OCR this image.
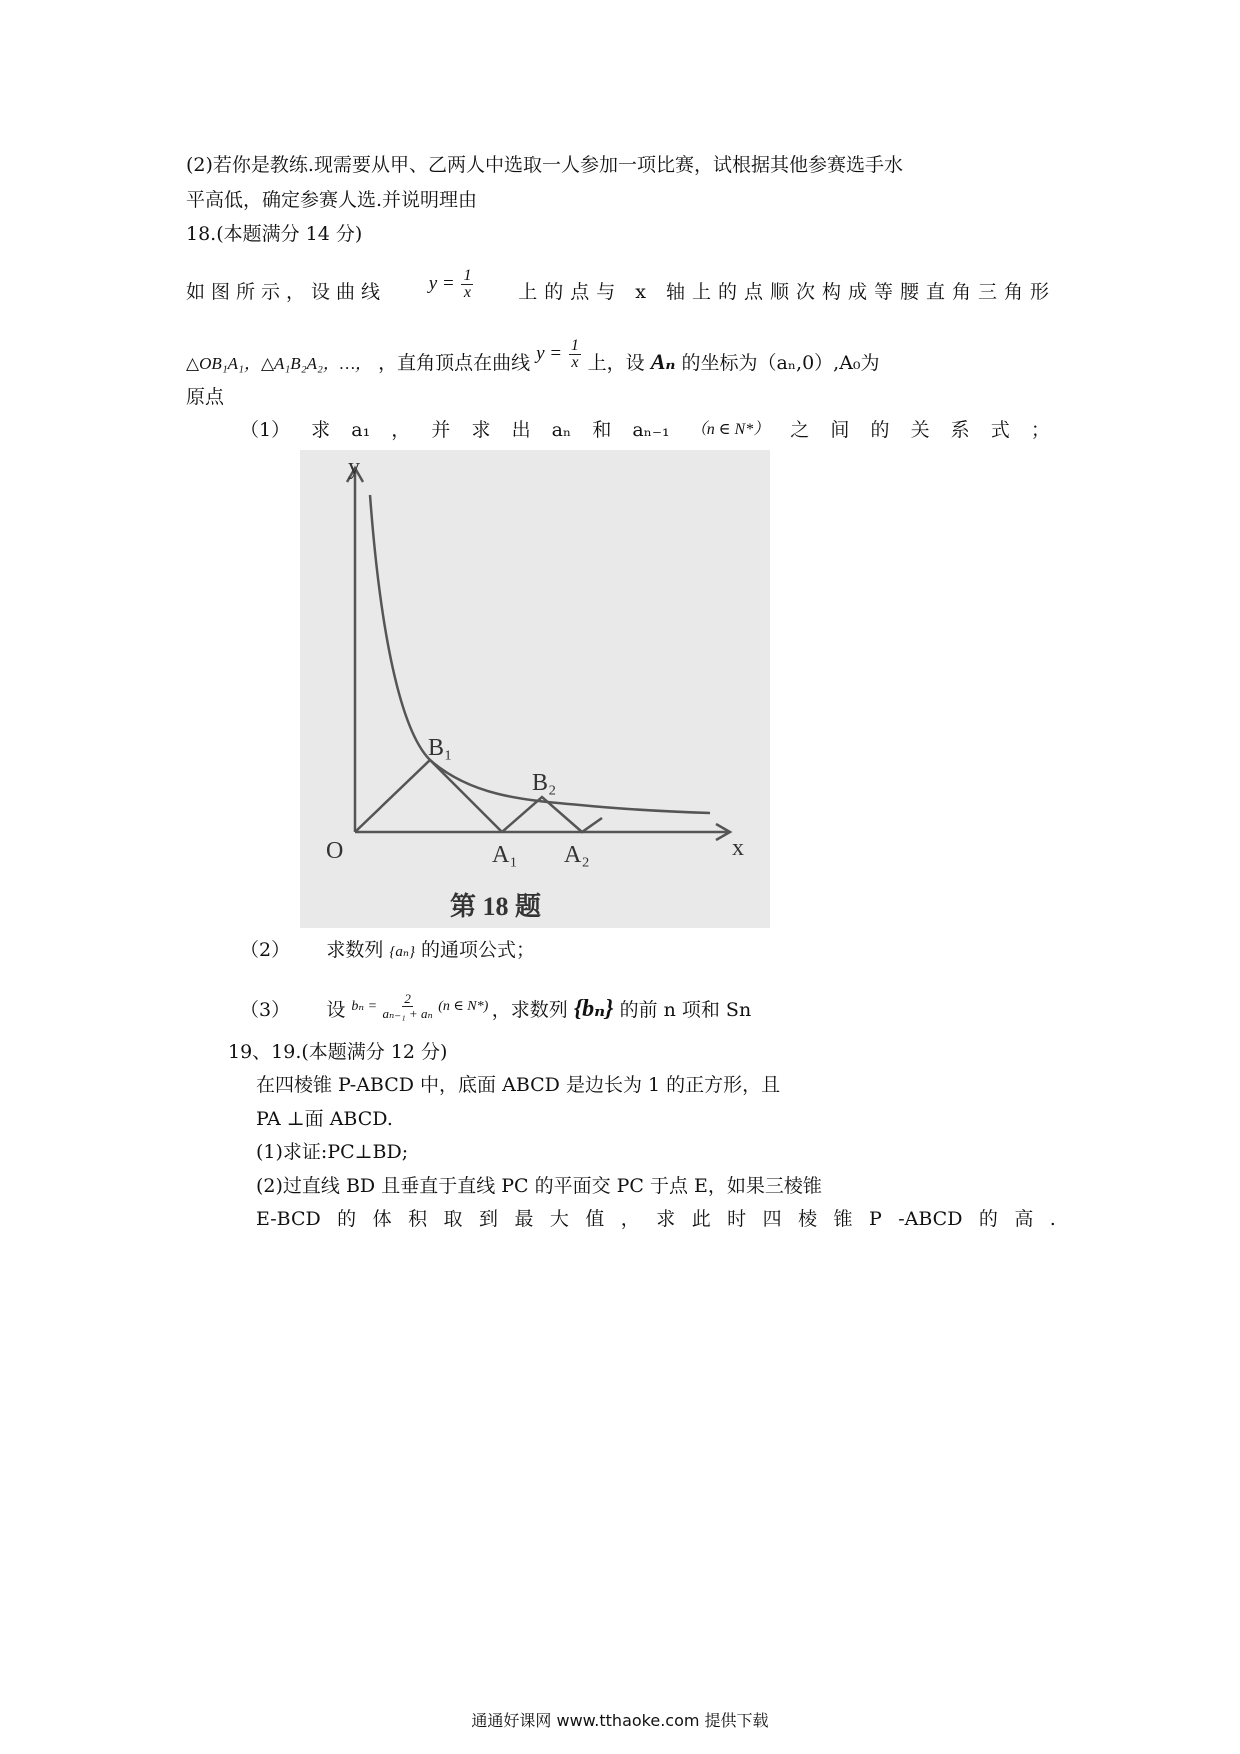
(2)若你是教练.现需要从甲、乙两人中选取一人参加一项比赛，试根据其他参赛选手水
平高低，确定参赛人选.并说明理由
18.(本题满分 14 分)
如图所示，设曲线 $y = \frac{1}{x}$ 上的点与 x 轴上的点顺次构成等腰直角三角形
△OB₁A₁，△A₁B₂A₂，…， ，直角顶点在曲线 $y = \frac{1}{x}$ 上，设 Aₙ 的坐标为（aₙ,0）,A₀为
原点
（1） 求 a₁ ， 并 求 出 aₙ 和 aₙ₋₁ （n ∈ N*） 之 间 的 关 系 式 ；
y
x
O
B₁
B₂
A₁ A₂
第 18 题
（2） 求数列 {aₙ} 的通项公式；
（3） 设 $^{b_n = \frac{2}{\text{aₙ₋₁ + aₙ}} (n \in N*)}$ ，求数列 {bₙ} 的前 n 项和 Sn
19、19.(本题满分 12 分)
在四棱锥 P-ABCD 中，底面 ABCD 是边长为 1 的正方形，且
PA ⊥面 ABCD.
(1)求证:PC⊥BD;
(2)过直线 BD 且垂直于直线 PC 的平面交 PC 于点 E，如果三棱锥
E-BCD 的 体 积 取 到 最 大 值 ， 求 此 时 四 棱 锥 P -ABCD 的 高 .
通通好课网 www.tthaoke.com 提供下载
